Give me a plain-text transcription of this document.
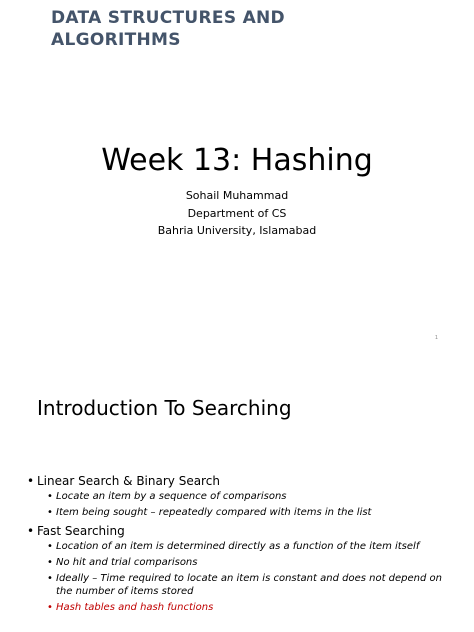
DATA STRUCTURES AND
ALGORITHMS
Week 13: Hashing
Sohail Muhammad
Department of CS
Bahria University, Islamabad
1
Introduction To Searching
• Linear Search & Binary Search
• Locate an item by a sequence of comparisons
• Item being sought – repeatedly compared with items in the list
• Fast Searching
• Location of an item is determined directly as a function of the item itself
• No hit and trial comparisons
• Ideally – Time required to locate an item is constant and does not depend on the number of items stored
• Hash tables and hash functions
